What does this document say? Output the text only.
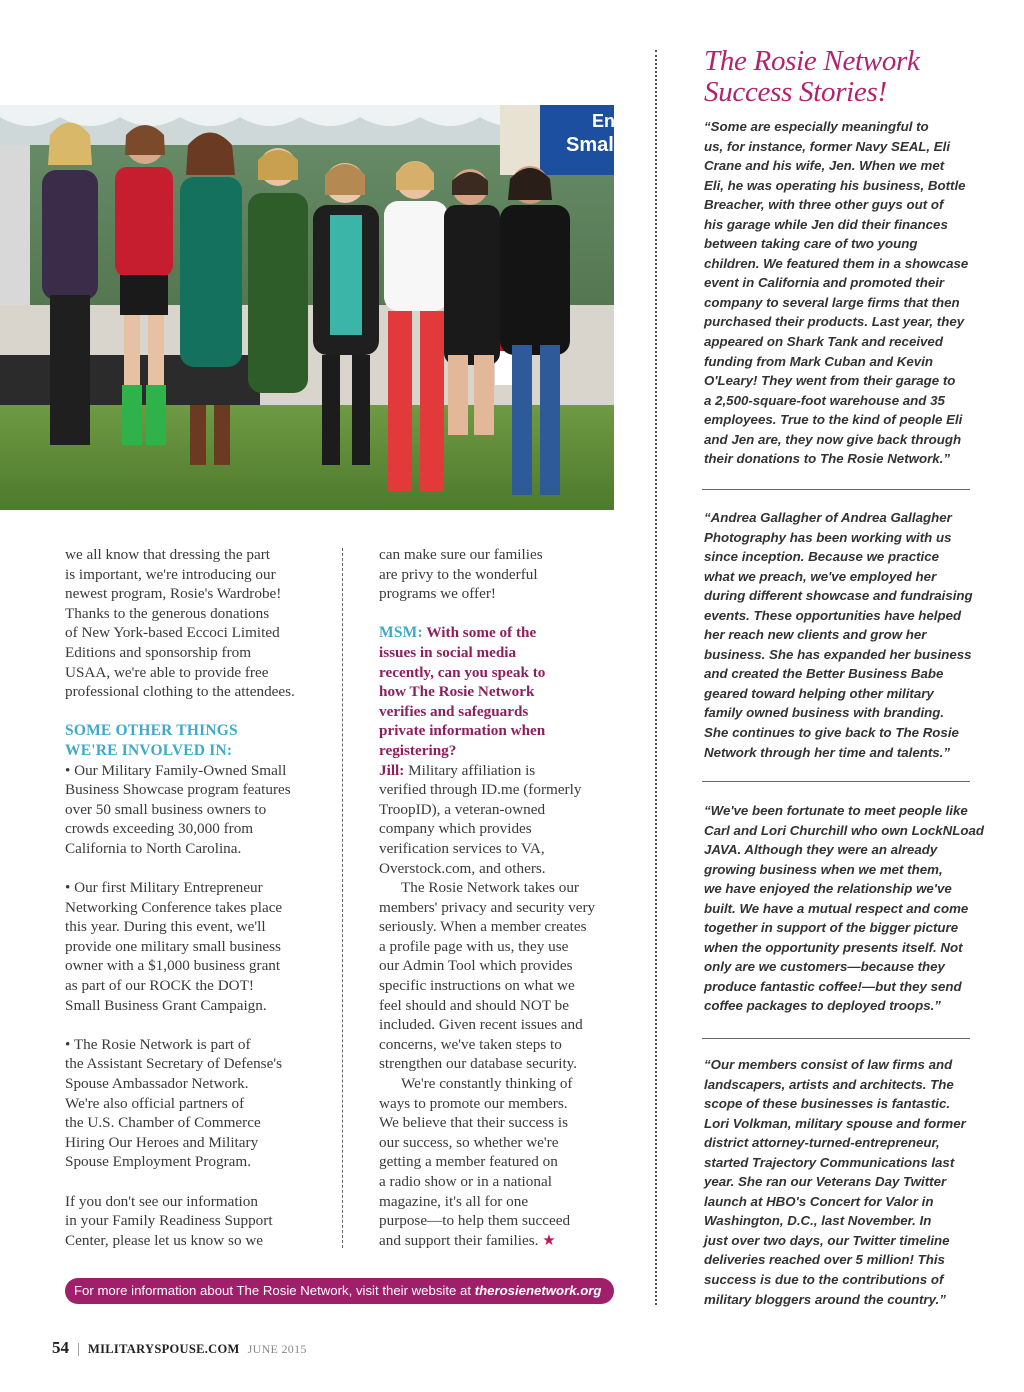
En
Small
we all know that dressing the part
is important, we're introducing our
newest program, Rosie's Wardrobe!
Thanks to the generous donations
of New York-based Eccoci Limited
Editions and sponsorship from
USAA, we're able to provide free
professional clothing to the attendees.
SOME OTHER THINGS
WE'RE INVOLVED IN:
• Our Military Family-Owned Small
Business Showcase program features
over 50 small business owners to
crowds exceeding 30,000 from
California to North Carolina.
• Our first Military Entrepreneur
Networking Conference takes place
this year. During this event, we'll
provide one military small business
owner with a $1,000 business grant
as part of our ROCK the DOT!
Small Business Grant Campaign.
• The Rosie Network is part of
the Assistant Secretary of Defense's
Spouse Ambassador Network.
We're also official partners of
the U.S. Chamber of Commerce
Hiring Our Heroes and Military
Spouse Employment Program.
If you don't see our information
in your Family Readiness Support
Center, please let us know so we
can make sure our families
are privy to the wonderful
programs we offer!
MSM: With some of the
issues in social media
recently, can you speak to
how The Rosie Network
verifies and safeguards
private information when
registering?
Jill: Military affiliation is
verified through ID.me (formerly
TroopID), a veteran-owned
company which provides
verification services to VA,
Overstock.com, and others.
The Rosie Network takes our
members' privacy and security very
seriously. When a member creates
a profile page with us, they use
our Admin Tool which provides
specific instructions on what we
feel should and should NOT be
included. Given recent issues and
concerns, we've taken steps to
strengthen our database security.
We're constantly thinking of
ways to promote our members.
We believe that their success is
our success, so whether we're
getting a member featured on
a radio show or in a national
magazine, it's all for one
purpose—to help them succeed
and support their families. ★
The Rosie Network
Success Stories!
“Some are especially meaningful to
us, for instance, former Navy SEAL, Eli
Crane and his wife, Jen. When we met
Eli, he was operating his business, Bottle
Breacher, with three other guys out of
his garage while Jen did their finances
between taking care of two young
children. We featured them in a showcase
event in California and promoted their
company to several large firms that then
purchased their products. Last year, they
appeared on Shark Tank and received
funding from Mark Cuban and Kevin
O'Leary! They went from their garage to
a 2,500-square-foot warehouse and 35
employees. True to the kind of people Eli
and Jen are, they now give back through
their donations to The Rosie Network.”
“Andrea Gallagher of Andrea Gallagher
Photography has been working with us
since inception. Because we practice
what we preach, we've employed her
during different showcase and fundraising
events. These opportunities have helped
her reach new clients and grow her
business. She has expanded her business
and created the Better Business Babe
geared toward helping other military
family owned business with branding.
She continues to give back to The Rosie
Network through her time and talents.”
“We've been fortunate to meet people like
Carl and Lori Churchill who own LockNLoad
JAVA. Although they were an already
growing business when we met them,
we have enjoyed the relationship we've
built. We have a mutual respect and come
together in support of the bigger picture
when the opportunity presents itself. Not
only are we customers—because they
produce fantastic coffee!—but they send
coffee packages to deployed troops.”
“Our members consist of law firms and
landscapers, artists and architects. The
scope of these businesses is fantastic.
Lori Volkman, military spouse and former
district attorney-turned-entrepreneur,
started Trajectory Communications last
year. She ran our Veterans Day Twitter
launch at HBO's Concert for Valor in
Washington, D.C., last November. In
just over two days, our Twitter timeline
deliveries reached over 5 million! This
success is due to the contributions of
military bloggers around the country.”
For more information about The Rosie Network, visit their website at therosienetwork.org
54 | MILITARYSPOUSE.COM JUNE 2015
